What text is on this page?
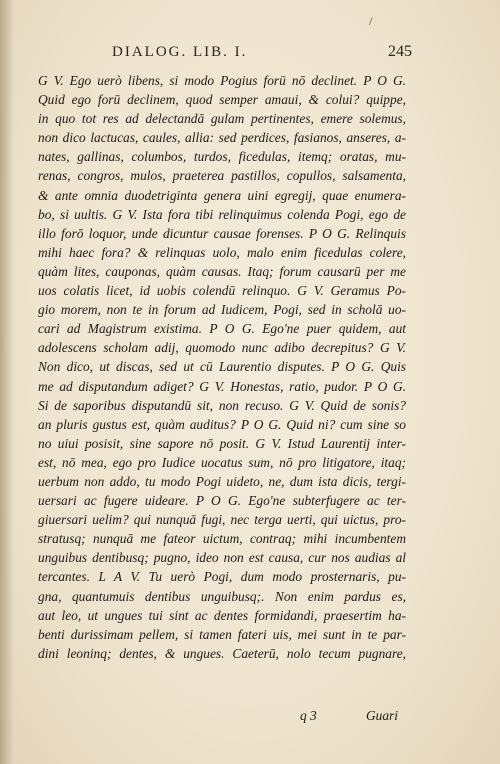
/
DIALOG. LIB. I.	245
G V. Ego uerò libens, si modo Pogius forū nō declinet. P O G.
Quid ego forū declinem, quod semper amaui, & colui? quippe,
in quo tot res ad delectandā gulam pertinentes, emere solemus,
non dico lactucas, caules, allia: sed perdices, fasianos, anseres, a-
nates, gallinas, columbos, turdos, ficedulas, itemq; oratas, mu-
renas, congros, mulos, praeterea pastillos, copullos, salsamenta,
& ante omnia duodetriginta genera uini egregij, quae enumera-
bo, si uultis. G V. Ista fora tibi relinquimus colenda Pogi, ego de
illo forō loquor, unde dicuntur causae forenses. P O G. Relinquis
mihi haec fora? & relinquas uolo, malo enim ficedulas colere,
quàm lites, cauponas, quàm causas. Itaq; forum causarū per me
uos colatis licet, id uobis colendū relinquo. G V. Geramus Po-
gio morem, non te in forum ad Iudicem, Pogi, sed in scholā uo-
cari ad Magistrum existima. P O G. Ego'ne puer quidem, aut
adolescens scholam adij, quomodo nunc adibo decrepitus? G V.
Non dico, ut discas, sed ut cū Laurentio disputes. P O G. Quis
me ad disputandum adiget? G V. Honestas, ratio, pudor. P O G.
Si de saporibus disputandū sit, non recuso. G V. Quid de sonis?
an pluris gustus est, quàm auditus? P O G. Quid ni? cum sine so
no uiui posisit, sine sapore nō posit. G V. Istud Laurentij inter-
est, nō mea, ego pro Iudice uocatus sum, nō pro litigatore, itaq;
uerbum non addo, tu modo Pogi uideto, ne, dum ista dicis, tergi-
uersari ac fugere uideare. P O G. Ego'ne subterfugere ac ter-
giuersari uelim? qui nunquā fugi, nec terga uerti, qui uictus, pro-
stratusq; nunquā me fateor uictum, contraq; mihi incumbentem
unguibus dentibusq; pugno, ideo non est causa, cur nos audias al
tercantes. L A V. Tu uerò Pogi, dum modo prosternaris, pu-
gna, quantumuis dentibus unguibusq;. Non enim pardus es,
aut leo, ut ungues tui sint ac dentes formidandi, praesertim ha-
benti durissimam pellem, si tamen fateri uis, mei sunt in te par-
dini leoninq; dentes, & ungues. Caeterū, nolo tecum pugnare,
q 3	Guari
